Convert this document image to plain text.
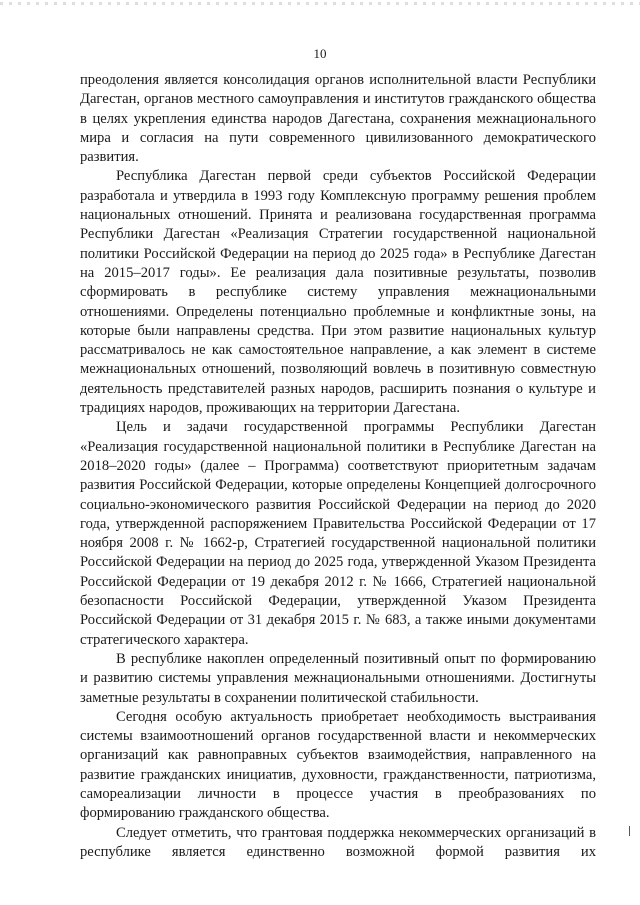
10

преодоления является консолидация органов исполнительной власти Республики Дагестан, органов местного самоуправления и институтов гражданского общества в целях укрепления единства народов Дагестана, сохранения межнационального мира и согласия на пути современного цивилизованного демократического развития.

Республика Дагестан первой среди субъектов Российской Федерации разработала и утвердила в 1993 году Комплексную программу решения проблем национальных отношений. Принята и реализована государственная программа Республики Дагестан «Реализация Стратегии государственной национальной политики Российской Федерации на период до 2025 года» в Республике Дагестан на 2015–2017 годы». Ее реализация дала позитивные результаты, позволив сформировать в республике систему управления межнациональными отношениями. Определены потенциально проблемные и конфликтные зоны, на которые были направлены средства. При этом развитие национальных культур рассматривалось не как самостоятельное направление, а как элемент в системе межнациональных отношений, позволяющий вовлечь в позитивную совместную деятельность представителей разных народов, расширить познания о культуре и традициях народов, проживающих на территории Дагестана.

Цель и задачи государственной программы Республики Дагестан «Реализация государственной национальной политики в Республике Дагестан на 2018–2020 годы» (далее – Программа) соответствуют приоритетным задачам развития Российской Федерации, которые определены Концепцией долгосрочного социально-экономического развития Российской Федерации на период до 2020 года, утвержденной распоряжением Правительства Российской Федерации от 17 ноября 2008 г. № 1662-р, Стратегией государственной национальной политики Российской Федерации на период до 2025 года, утвержденной Указом Президента Российской Федерации от 19 декабря 2012 г. № 1666, Стратегией национальной безопасности Российской Федерации, утвержденной Указом Президента Российской Федерации от 31 декабря 2015 г. № 683, а также иными документами стратегического характера.

В республике накоплен определенный позитивный опыт по формированию и развитию системы управления межнациональными отношениями. Достигнуты заметные результаты в сохранении политической стабильности.

Сегодня особую актуальность приобретает необходимость выстраивания системы взаимоотношений органов государственной власти и некоммерческих организаций как равноправных субъектов взаимодействия, направленного на развитие гражданских инициатив, духовности, гражданственности, патриотизма, самореализации личности в процессе участия в преобразованиях по формированию гражданского общества.

Следует отметить, что грантовая поддержка некоммерческих организаций в республике является единственно возможной формой развития их
